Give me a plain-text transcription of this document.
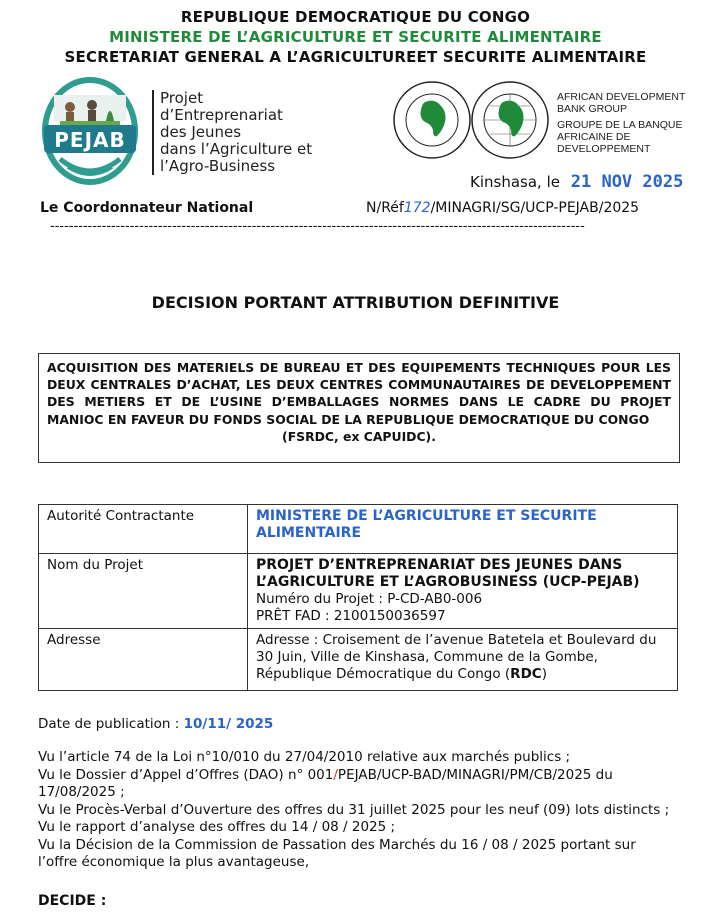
REPUBLIQUE DEMOCRATIQUE DU CONGO
MINISTERE DE L’AGRICULTURE ET SECURITE ALIMENTAIRE
SECRETARIAT GENERAL A L’AGRICULTUREET SECURITE ALIMENTAIRE
PEJAB
Projet
d’Entreprenariat
des Jeunes
dans l’Agriculture et
l’Agro-Business
AFRICAN DEVELOPMENT
BANK GROUP
GROUPE DE LA BANQUE
AFRICAINE DE
DEVELOPPEMENT
Kinshasa, le 21 NOV 2025
Le Coordonnateur National	N/Réf172/MINAGRI/SG/UCP-PEJAB/2025
------------------------------------------------------------------------------------------------------------------
DECISION PORTANT ATTRIBUTION DEFINITIVE
ACQUISITION DES MATERIELS DE BUREAU ET DES EQUIPEMENTS TECHNIQUES POUR LES DEUX CENTRALES D’ACHAT, LES DEUX CENTRES COMMUNAUTAIRES DE DEVELOPPEMENT DES METIERS ET DE L’USINE D’EMBALLAGES NORMES DANS LE CADRE DU PROJET MANIOC EN FAVEUR DU FONDS SOCIAL DE LA REPUBLIQUE DEMOCRATIQUE DU CONGO
(FSRDC, ex CAPUIDC).
Autorité Contractante	MINISTERE DE L’AGRICULTURE ET SECURITE ALIMENTAIRE
Nom du Projet	PROJET D’ENTREPRENARIAT DES JEUNES DANS L’AGRICULTURE ET L’AGROBUSINESS (UCP-PEJAB)
Numéro du Projet : P-CD-AB0-006
PRÊT FAD : 2100150036597

Adresse	Adresse : Croisement de l’avenue Batetela et Boulevard du 30 Juin, Ville de Kinshasa, Commune de la Gombe, République Démocratique du Congo (RDC)
Date de publication : 10/11/ 2025

Vu l’article 74 de la Loi n°10/010 du 27/04/2010 relative aux marchés publics ;

Vu le Dossier d’Appel d’Offres (DAO) n° 001/PEJAB/UCP-BAD/MINAGRI/PM/CB/2025 du 17/08/2025 ;

Vu le Procès-Verbal d’Ouverture des offres du 31 juillet 2025 pour les neuf (09) lots distincts ;

Vu le rapport d’analyse des offres du 14 / 08 / 2025 ;

Vu la Décision de la Commission de Passation des Marchés du 16 / 08 / 2025 portant sur l’offre économique la plus avantageuse,

DECIDE :
